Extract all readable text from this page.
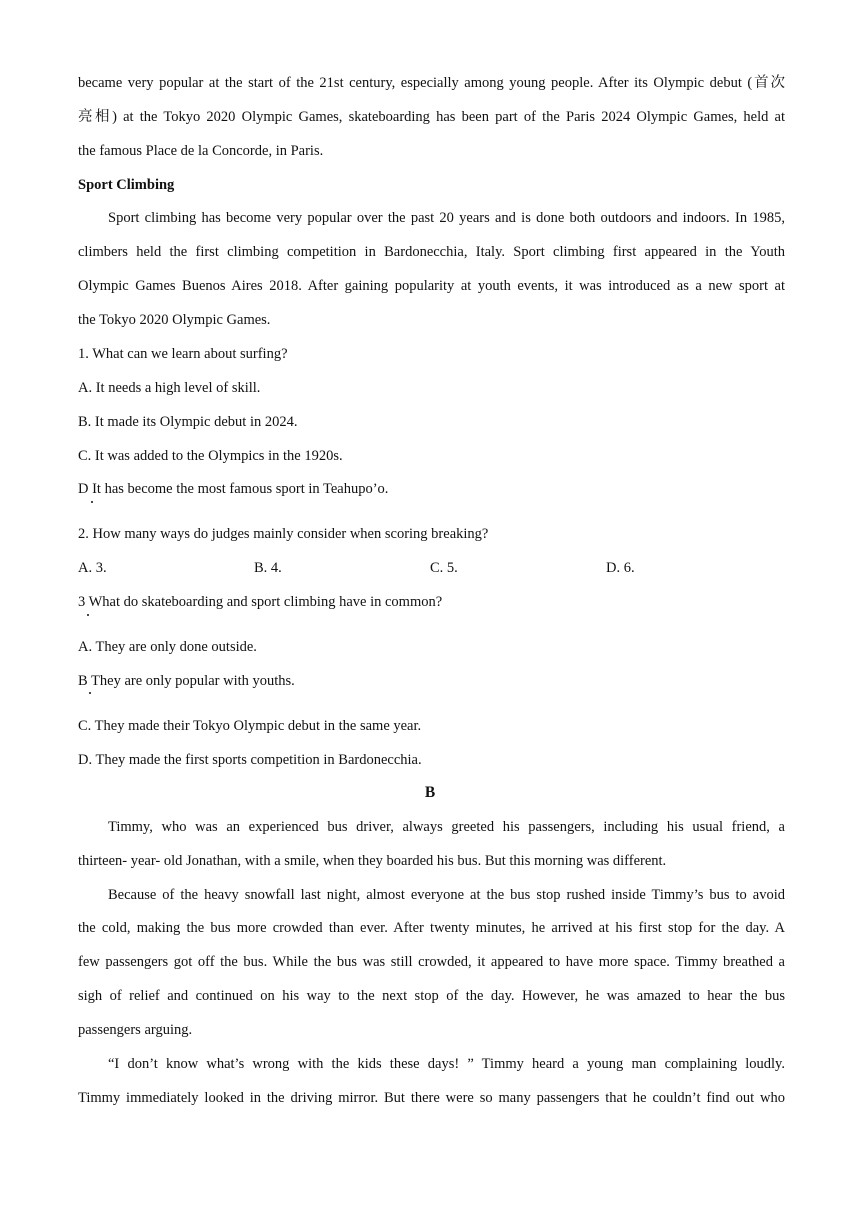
became very popular at the start of the 21st century, especially among young people. After its Olympic debut (首次
亮相) at the Tokyo 2020 Olympic Games, skateboarding has been part of the Paris 2024 Olympic Games, held at
the famous Place de la Concorde, in Paris.
Sport Climbing
Sport climbing has become very popular over the past 20 years and is done both outdoors and indoors. In 1985,
climbers held the first climbing competition in Bardonecchia, Italy. Sport climbing first appeared in the Youth
Olympic Games Buenos Aires 2018. After gaining popularity at youth events, it was introduced as a new sport at
the Tokyo 2020 Olympic Games.
1. What can we learn about surfing?
A. It needs a high level of skill.
B. It made its Olympic debut in 2024.
C. It was added to the Olympics in the 1920s.
D It has become the most famous sport in Teahupo’o.
2. How many ways do judges mainly consider when scoring breaking?
A. 3.	B. 4.	C. 5.	D. 6.
3 What do skateboarding and sport climbing have in common?
A. They are only done outside.
B They are only popular with youths.
C. They made their Tokyo Olympic debut in the same year.
D. They made the first sports competition in Bardonecchia.
B
Timmy, who was an experienced bus driver, always greeted his passengers, including his usual friend, a
thirteen- year- old Jonathan, with a smile, when they boarded his bus. But this morning was different.
Because of the heavy snowfall last night, almost everyone at the bus stop rushed inside Timmy’s bus to avoid
the cold, making the bus more crowded than ever. After twenty minutes, he arrived at his first stop for the day. A
few passengers got off the bus. While the bus was still crowded, it appeared to have more space. Timmy breathed a
sigh of relief and continued on his way to the next stop of the day. However, he was amazed to hear the bus
passengers arguing.
“I don’t know what’s wrong with the kids these days! ” Timmy heard a young man complaining loudly.
Timmy immediately looked in the driving mirror. But there were so many passengers that he couldn’t find out who
